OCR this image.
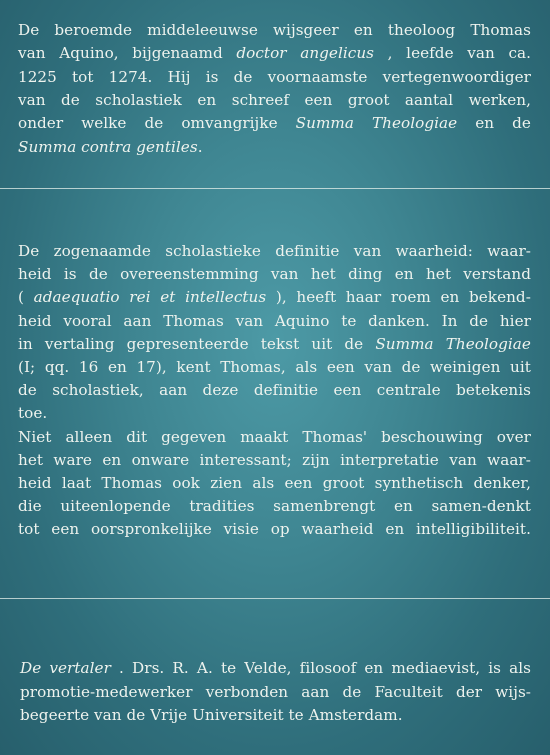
De beroemde middeleeuwse wijsgeer en theoloog Thomas
van Aquino, bijgenaamd doctor angelicus , leefde van ca.
1225 tot 1274. Hij is de voornaamste vertegenwoordiger
van de scholastiek en schreef een groot aantal werken,
onder welke de omvangrijke Summa Theologiae en de
Summa contra gentiles.
De zogenaamde scholastieke definitie van waarheid: waar-
heid is de overeenstemming van het ding en het verstand
( adaequatio rei et intellectus ), heeft haar roem en bekend-
heid vooral aan Thomas van Aquino te danken. In de hier
in vertaling gepresenteerde tekst uit de Summa Theologiae
(I; qq. 16 en 17), kent Thomas, als een van de weinigen uit
de scholastiek, aan deze definitie een centrale betekenis
toe.
Niet alleen dit gegeven maakt Thomas' beschouwing over
het ware en onware interessant; zijn interpretatie van waar-
heid laat Thomas ook zien als een groot synthetisch denker,
die uiteenlopende tradities samenbrengt en samen-denkt
tot een oorspronkelijke visie op waarheid en intelligibiliteit.
De vertaler . Drs. R. A. te Velde, filosoof en mediaevist, is als
promotie-medewerker verbonden aan de Faculteit der wijs-
begeerte van de Vrije Universiteit te Amsterdam.
